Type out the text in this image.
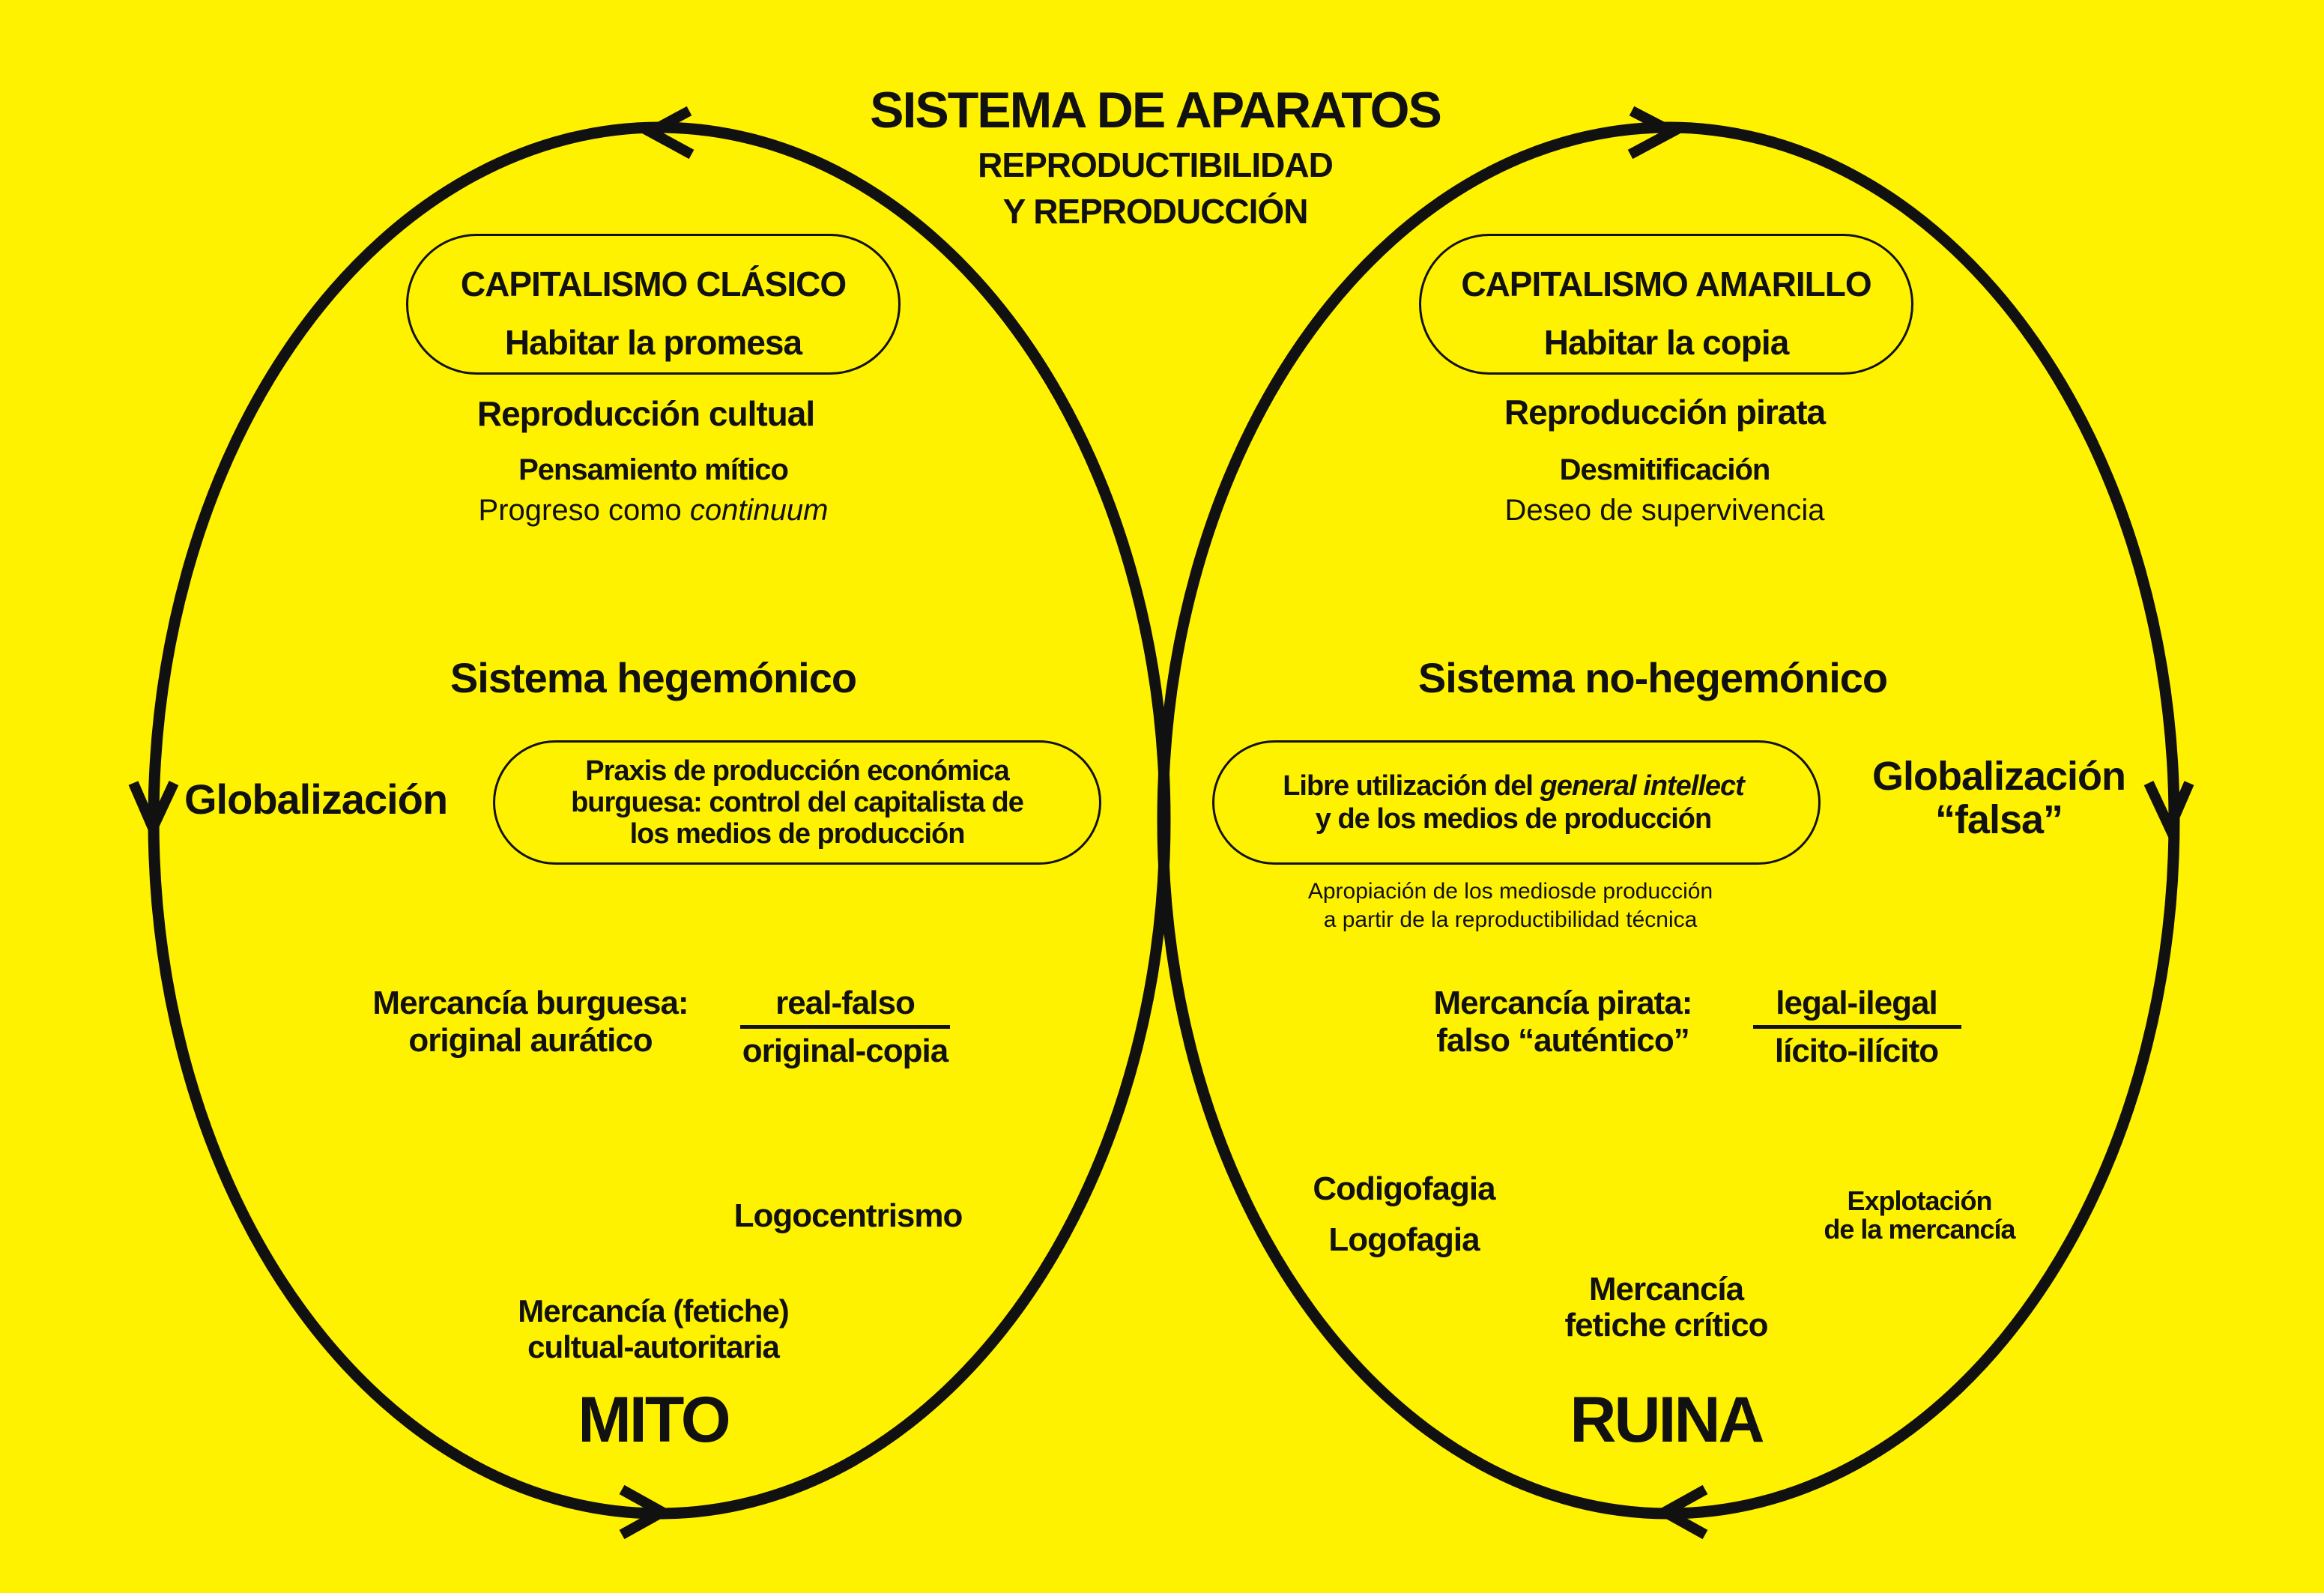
SISTEMA DE APARATOS
REPRODUCTIBILIDAD
Y REPRODUCCIÓN
CAPITALISMO CLÁSICO
Habitar la promesa
Reproducción cultual
Pensamiento mítico
Progreso como continuum
Sistema hegemónico
Globalización
Praxis de producción económica
burguesa: control del capitalista de
los medios de producción
Mercancía burguesa:
original aurático
real-falso
original-copia
Logocentrismo
Mercancía (fetiche)
cultual-autoritaria
MITO
CAPITALISMO AMARILLO
Habitar la copia
Reproducción pirata
Desmitificación
Deseo de supervivencia
Sistema no-hegemónico
Libre utilización del general intellect
y de los medios de producción
Globalización
“falsa”
Apropiación de los mediosde producción
a partir de la reproductibilidad técnica
Mercancía pirata:
falso “auténtico”
legal-ilegal
lícito-ilícito
Codigofagia
Logofagia
Explotación
de la mercancía
Mercancía
fetiche crítico
RUINA
